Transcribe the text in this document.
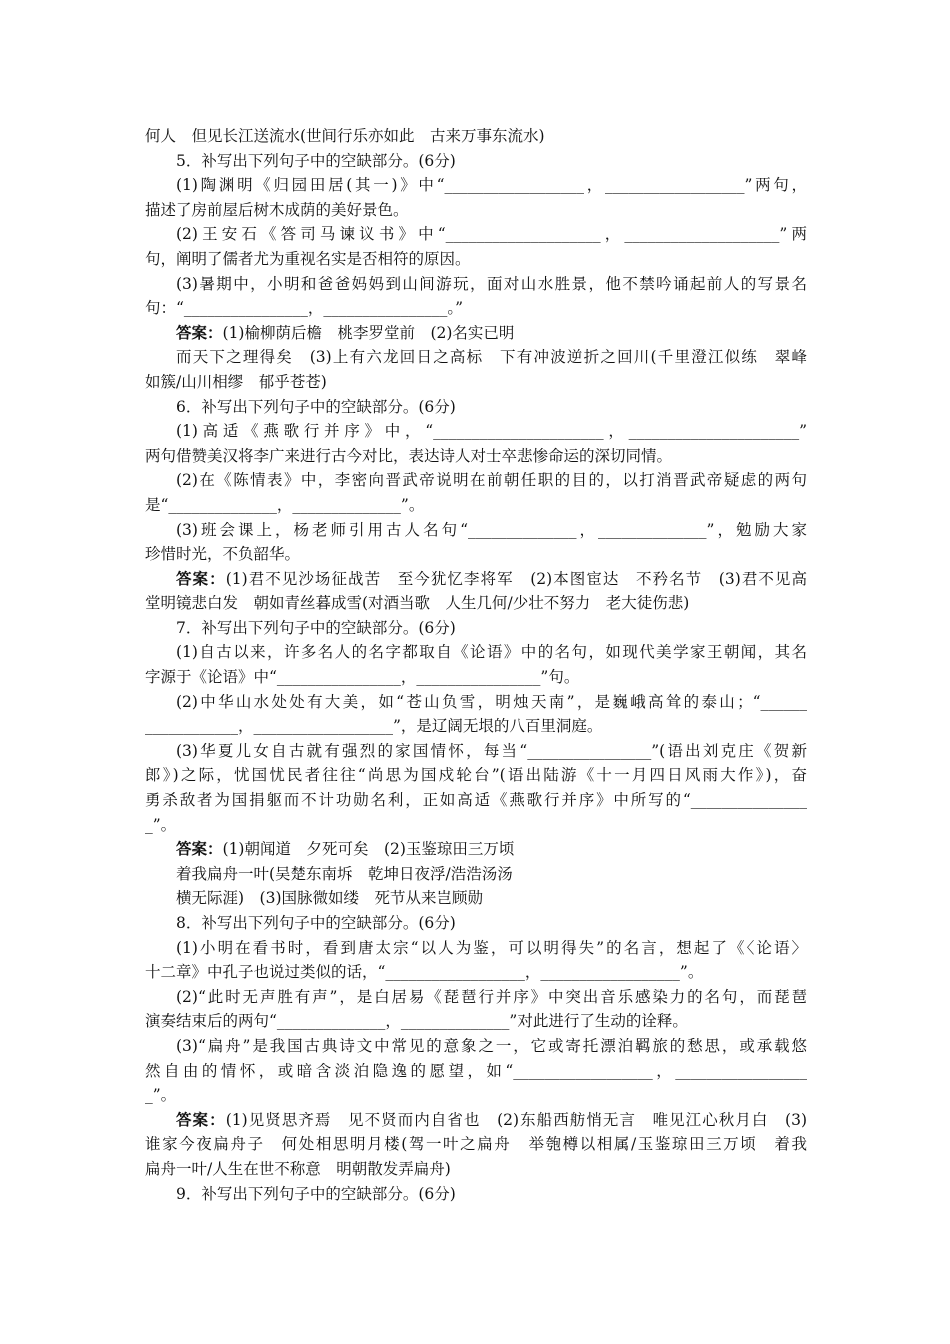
何人　但见长江送流水(世间行乐亦如此　古来万事东流水)
5．补写出下列句子中的空缺部分。(6分)
(1)陶渊明《归园田居(其一)》中“__________________，__________________”两句，
描述了房前屋后树木成荫的美好景色。
(2)王安石《答司马谏议书》中“____________________，____________________”两
句，阐明了儒者尤为重视名实是否相符的原因。
(3)暑期中，小明和爸爸妈妈到山间游玩，面对山水胜景，他不禁吟诵起前人的写景名
句：“________________，________________。”
答案：(1)榆柳荫后檐　桃李罗堂前　(2)名实已明
而天下之理得矣　(3)上有六龙回日之高标　下有冲波逆折之回川(千里澄江似练　翠峰
如簇/山川相缪　郁乎苍苍)
6．补写出下列句子中的空缺部分。(6分)
(1)高适《燕歌行并序》中，“______________________，______________________”
两句借赞美汉将李广来进行古今对比，表达诗人对士卒悲惨命运的深切同情。
(2)在《陈情表》中，李密向晋武帝说明在前朝任职的目的，以打消晋武帝疑虑的两句
是“______________，______________”。
(3)班会课上，杨老师引用古人名句“______________，______________”，勉励大家
珍惜时光，不负韶华。
答案：(1)君不见沙场征战苦　至今犹忆李将军　(2)本图宦达　不矜名节　(3)君不见高
堂明镜悲白发　朝如青丝暮成雪(对酒当歌　人生几何/少壮不努力　老大徒伤悲)
7．补写出下列句子中的空缺部分。(6分)
(1)自古以来，许多名人的名字都取自《论语》中的名句，如现代美学家王朝闻，其名
字源于《论语》中“________________，________________”句。
(2)中华山水处处有大美，如“苍山负雪，明烛天南”，是巍峨高耸的泰山；“______
____________，__________________”，是辽阔无垠的八百里洞庭。
(3)华夏儿女自古就有强烈的家国情怀，每当“________________”(语出刘克庄《贺新
郎》)之际，忧国忧民者往往“尚思为国戍轮台”(语出陆游《十一月四日风雨大作》)，奋
勇杀敌者为国捐躯而不计功勋名利，正如高适《燕歌行并序》中所写的“_______________
_”。
答案：(1)朝闻道　夕死可矣　(2)玉鉴琼田三万顷
着我扁舟一叶(吴楚东南坼　乾坤日夜浮/浩浩汤汤
横无际涯)　(3)国脉微如缕　死节从来岂顾勋
8．补写出下列句子中的空缺部分。(6分)
(1)小明在看书时，看到唐太宗“以人为鉴，可以明得失”的名言，想起了《〈论语〉
十二章》中孔子也说过类似的话，“__________________，__________________”。
(2)“此时无声胜有声”，是白居易《琵琶行并序》中突出音乐感染力的名句，而琵琶
演奏结束后的两句“______________，______________”对此进行了生动的诠释。
(3)“扁舟”是我国古典诗文中常见的意象之一，它或寄托漂泊羁旅的愁思，或承载悠
然自由的情怀，或暗含淡泊隐逸的愿望，如“__________________，_________________
_”。
答案：(1)见贤思齐焉　见不贤而内自省也　(2)东船西舫悄无言　唯见江心秋月白　(3)
谁家今夜扁舟子　何处相思明月楼(驾一叶之扁舟　举匏樽以相属/玉鉴琼田三万顷　着我
扁舟一叶/人生在世不称意　明朝散发弄扁舟)
9．补写出下列句子中的空缺部分。(6分)
